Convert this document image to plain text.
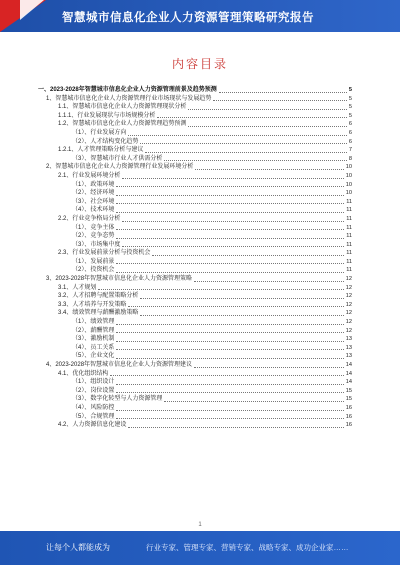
智慧城市信息化企业人力资源管理策略研究报告
内容目录
一、2023-2028年智慧城市信息化企业人力资源管理前景及趋势预测	5
1、智慧城市信息化企业人力资源管理行业市场现状与发展趋势	5
1.1、智慧城市信息化企业人力资源管理现状分析	5
1.1.1、行业发展现状与市场规模分析	5
1.2、智慧城市信息化企业人力资源管理趋势预测	6
（1）、行业发展方向	6
（2）、人才结构变化趋势	6
1.2.1、人才管理策略分析与建议	7
（3）、智慧城市行业人才供需分析	8
2、智慧城市信息化企业人力资源管理行业发展环境分析	10
2.1、行业发展环境分析	10
（1）、政策环境	10
（2）、经济环境	10
（3）、社会环境	11
（4）、技术环境	11
2.2、行业竞争格局分析	11
（1）、竞争主体	11
（2）、竞争态势	11
（3）、市场集中度	11
2.3、行业发展前景分析与投资机会	11
（1）、发展前景	11
（2）、投资机会	11
3、2023-2028年智慧城市信息化企业人力资源管理策略	12
3.1、人才规划	12
3.2、人才招聘与配置策略分析	12
3.3、人才培养与开发策略	12
3.4、绩效管理与薪酬激励策略	12
（1）、绩效管理	12
（2）、薪酬管理	12
（3）、激励机制	13
（4）、员工关系	13
（5）、企业文化	13
4、2023-2028年智慧城市信息化企业人力资源管理建议	14
4.1、优化组织结构	14
（1）、组织设计	14
（2）、岗位设置	15
（3）、数字化转型与人力资源管理	15
（4）、风险防控	16
（5）、合规管理	16
4.2、人力资源信息化建设	16
1
让每个人都能成为	行业专家、管理专家、营销专家、战略专家、成功企业家……
